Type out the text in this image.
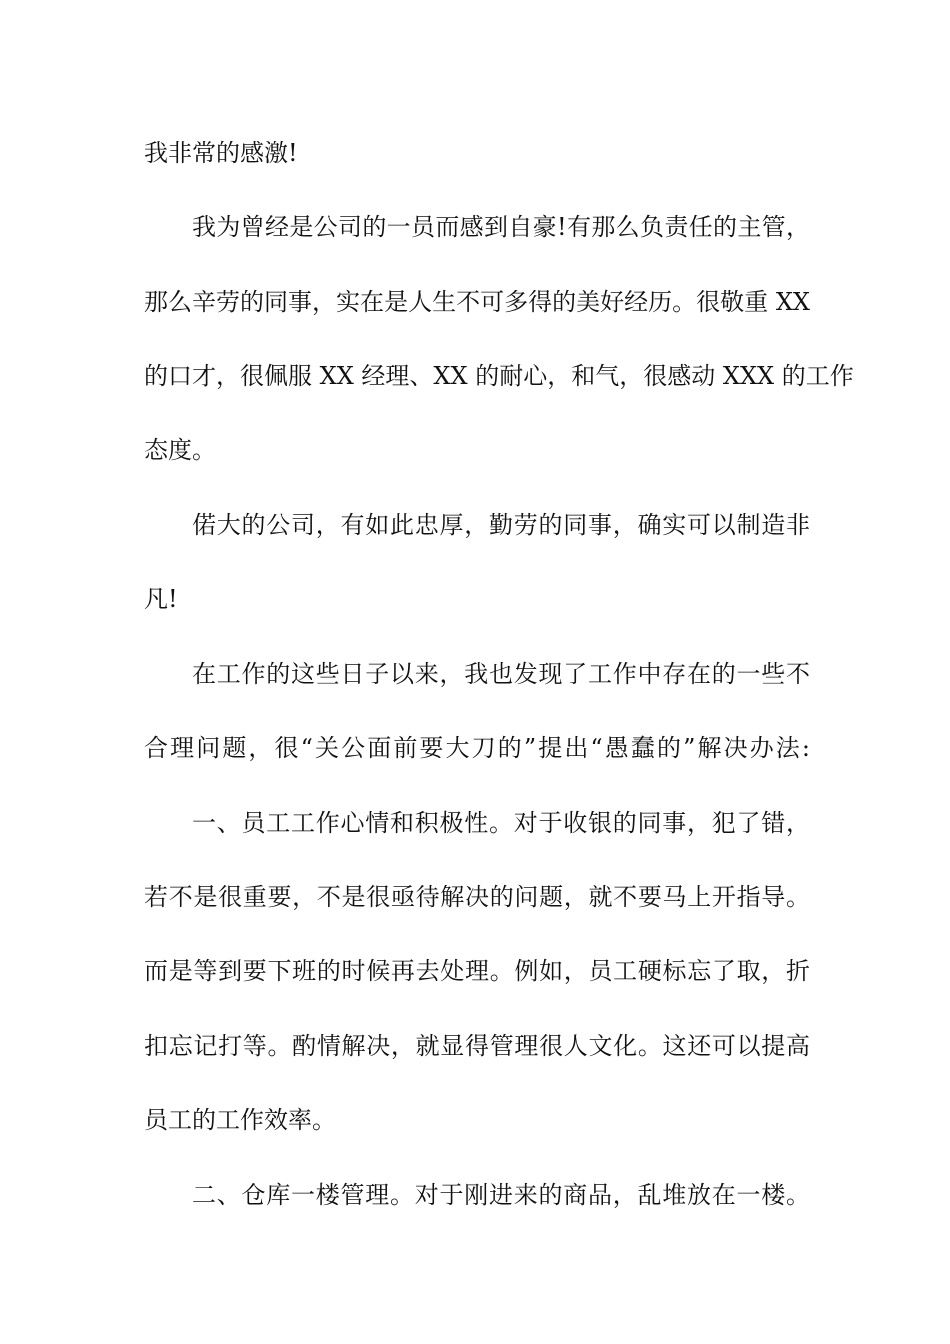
我非常的感激!
我为曾经是公司的一员而感到自豪!有那么负责任的主管，
那么辛劳的同事，实在是人生不可多得的美好经历。很敬重 XX
的口才，很佩服 XX 经理、XX 的耐心，和气，很感动 XXX 的工作
态度。
偌大的公司，有如此忠厚，勤劳的同事，确实可以制造非
凡!
在工作的这些日子以来，我也发现了工作中存在的一些不
合理问题，很“关公面前要大刀的”提出“愚蠢的”解决办法:
一、员工工作心情和积极性。对于收银的同事，犯了错，
若不是很重要，不是很亟待解决的问题，就不要马上开指导。
而是等到要下班的时候再去处理。例如，员工硬标忘了取，折
扣忘记打等。酌情解决，就显得管理很人文化。这还可以提高
员工的工作效率。
二、仓库一楼管理。对于刚进来的商品，乱堆放在一楼。
